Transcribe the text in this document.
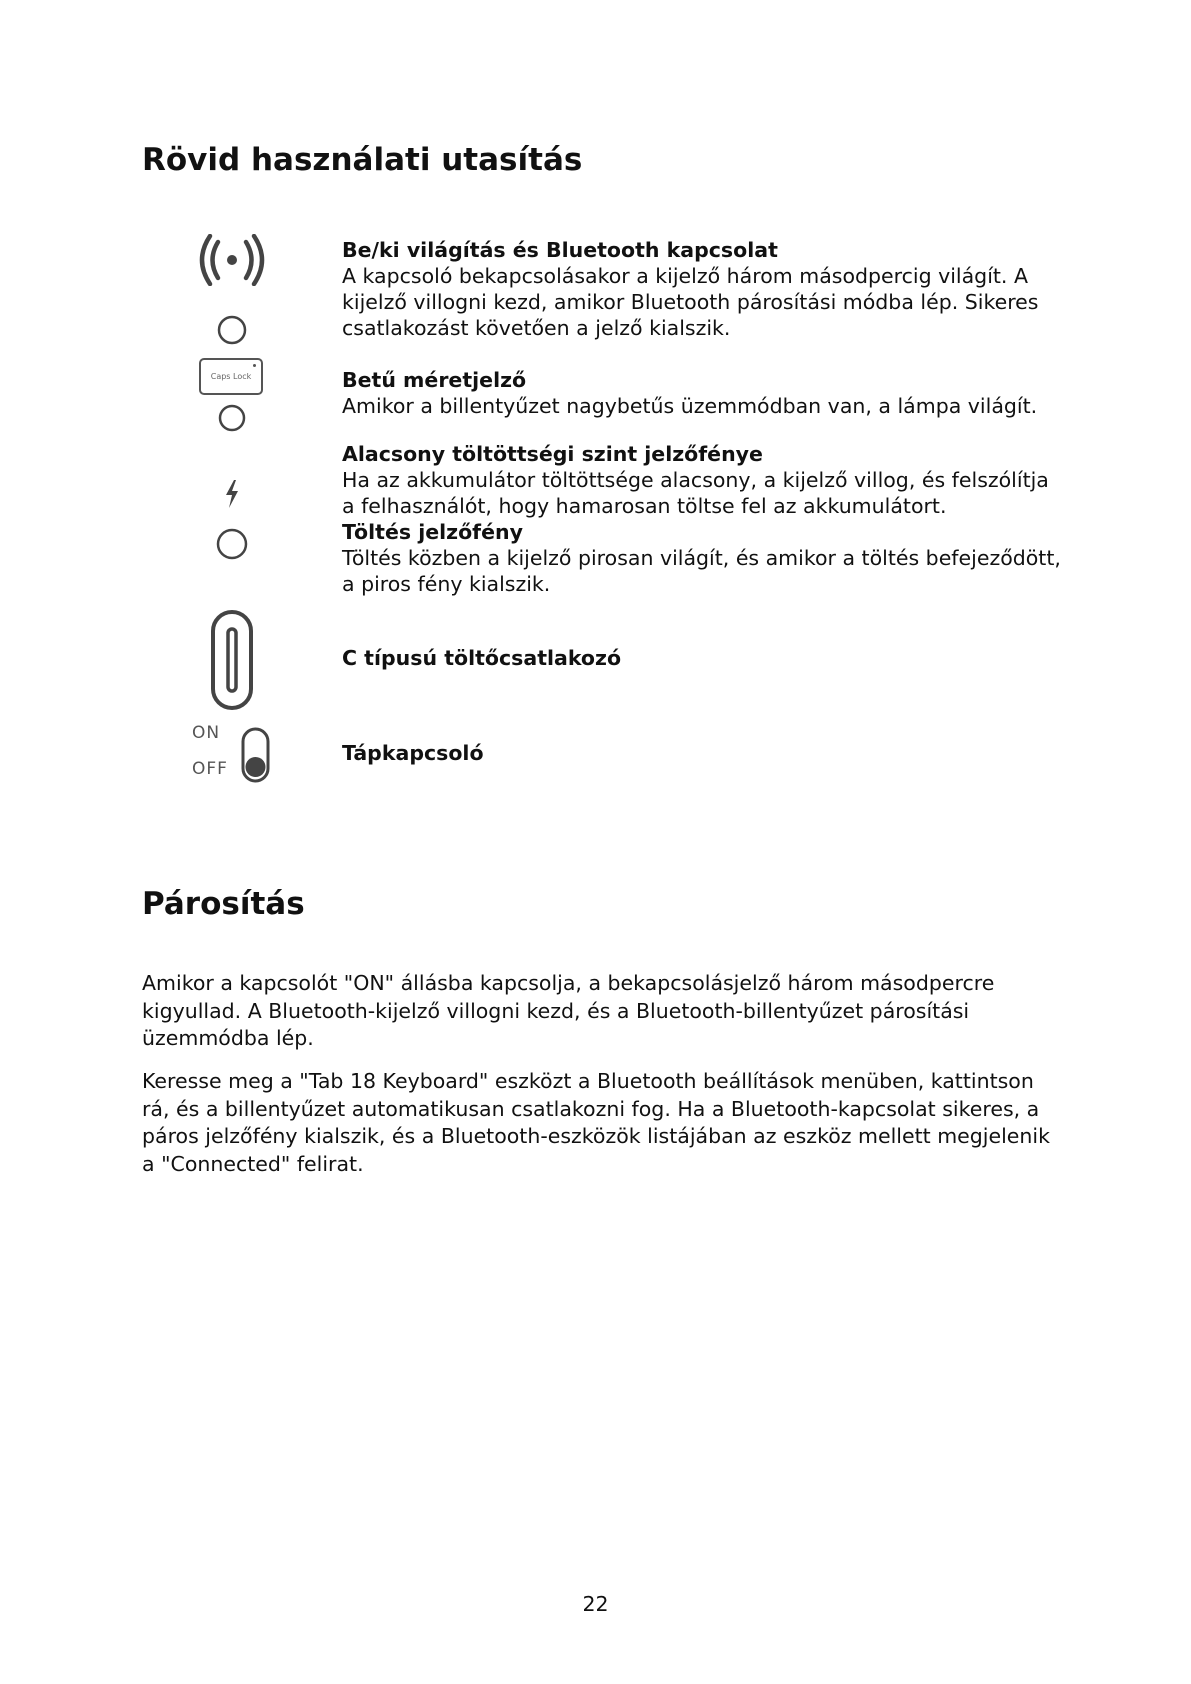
Rövid használati utasítás
Caps Lock
ON
OFF
Be/ki világítás és Bluetooth kapcsolat
A kapcsoló bekapcsolásakor a kijelző három másodpercig világít. A kijelző villogni kezd, amikor Bluetooth párosítási módba lép. Sikeres csatlakozást követően a jelző kialszik.
Betű méretjelző
Amikor a billentyűzet nagybetűs üzemmódban van, a lámpa világít.
Alacsony töltöttségi szint jelzőfénye
Ha az akkumulátor töltöttsége alacsony, a kijelző villog, és felszólítja a felhasználót, hogy hamarosan töltse fel az akkumulátort.
Töltés jelzőfény
Töltés közben a kijelző pirosan világít, és amikor a töltés befejeződött, a piros fény kialszik.
C típusú töltőcsatlakozó
Tápkapcsoló
Párosítás

Amikor a kapcsolót "ON" állásba kapcsolja, a bekapcsolásjelző három másodpercre kigyullad. A Bluetooth-kijelző villogni kezd, és a Bluetooth-billentyűzet párosítási üzemmódba lép.

Keresse meg a "Tab 18 Keyboard" eszközt a Bluetooth beállítások menüben, kattintson rá, és a billentyűzet automatikusan csatlakozni fog. Ha a Bluetooth-kapcsolat sikeres, a páros jelzőfény kialszik, és a Bluetooth-eszközök listájában az eszköz mellett megjelenik a "Connected" felirat.

22
